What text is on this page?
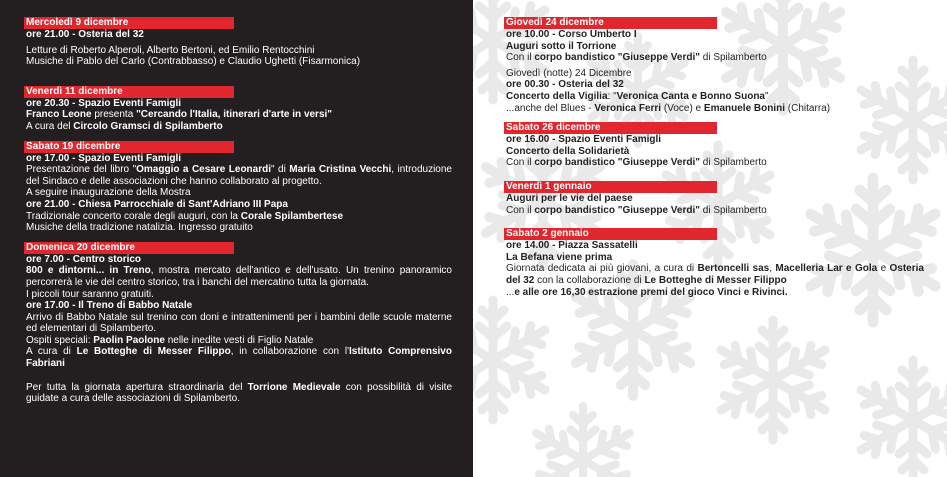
Mercoledì 9 dicembre
ore 21.00 - Osteria del 32
Letture di Roberto Alperoli, Alberto Bertoni, ed Emilio Rentocchini
Musiche di Pablo del Carlo (Contrabbasso) e Claudio Ughetti (Fisarmonica)
Venerdì 11 dicembre
ore 20.30 - Spazio Eventi Famigli
Franco Leone presenta "Cercando l'Italia, itinerari d'arte in versi"
A cura del Circolo Gramsci di Spilamberto
Sabato 19 dicembre
ore 17.00 - Spazio Eventi Famigli
Presentazione del libro "Omaggio a Cesare Leonardi" di Maria Cristina Vecchi, introduzione del Sindaco e delle associazioni che hanno collaborato al progetto.
A seguire inaugurazione della Mostra
ore 21.00 - Chiesa Parrocchiale di Sant'Adriano III Papa
Tradizionale concerto corale degli auguri, con la Corale Spilambertese
Musiche della tradizione natalizia. Ingresso gratuito
Domenica 20 dicembre
ore 7.00 - Centro storico
800 e dintorni... in Treno, mostra mercato dell'antico e dell'usato. Un trenino panoramico percorrerà le vie del centro storico, tra i banchi del mercatino tutta la giornata.
I piccoli tour saranno gratuiti.
ore 17.00 - Il Treno di Babbo Natale
Arrivo di Babbo Natale sul trenino con doni e intrattenimenti per i bambini delle scuole materne ed elementari di Spilamberto.
Ospiti speciali: Paolin Paolone nelle inedite vesti di Figlio Natale
A cura di Le Botteghe di Messer Filippo, in collaborazione con l'Istituto Comprensivo Fabriani
Per tutta la giornata apertura straordinaria del Torrione Medievale con possibilità di visite guidate a cura delle associazioni di Spilamberto.
Giovedì 24 dicembre
ore 10.00 - Corso Umberto I
Auguri sotto il Torrione
Con il corpo bandistico "Giuseppe Verdi" di Spilamberto
Giovedì (notte) 24 Dicembre
ore 00.30 - Osteria del 32
Concerto della Vigilia: "Veronica Canta e Bonno Suona"
...anche del Blues - Veronica Ferri (Voce) e Emanuele Bonini (Chitarra)
Sabato 26 dicembre
ore 16.00 - Spazio Eventi Famigli
Concerto della Solidarietà
Con il corpo bandistico "Giuseppe Verdi" di Spilamberto
Venerdì 1 gennaio
Auguri per le vie del paese
Con il corpo bandistico "Giuseppe Verdi" di Spilamberto
Sabato 2 gennaio
ore 14.00 - Piazza Sassatelli
La Befana viene prima
Giornata dedicata ai più giovani, a cura di Bertoncelli sas, Macelleria Lar e Gola e Osteria del 32 con la collaborazione di Le Botteghe di Messer Filippo
...e alle ore 16,30 estrazione premi del gioco Vinci e Rivinci.
